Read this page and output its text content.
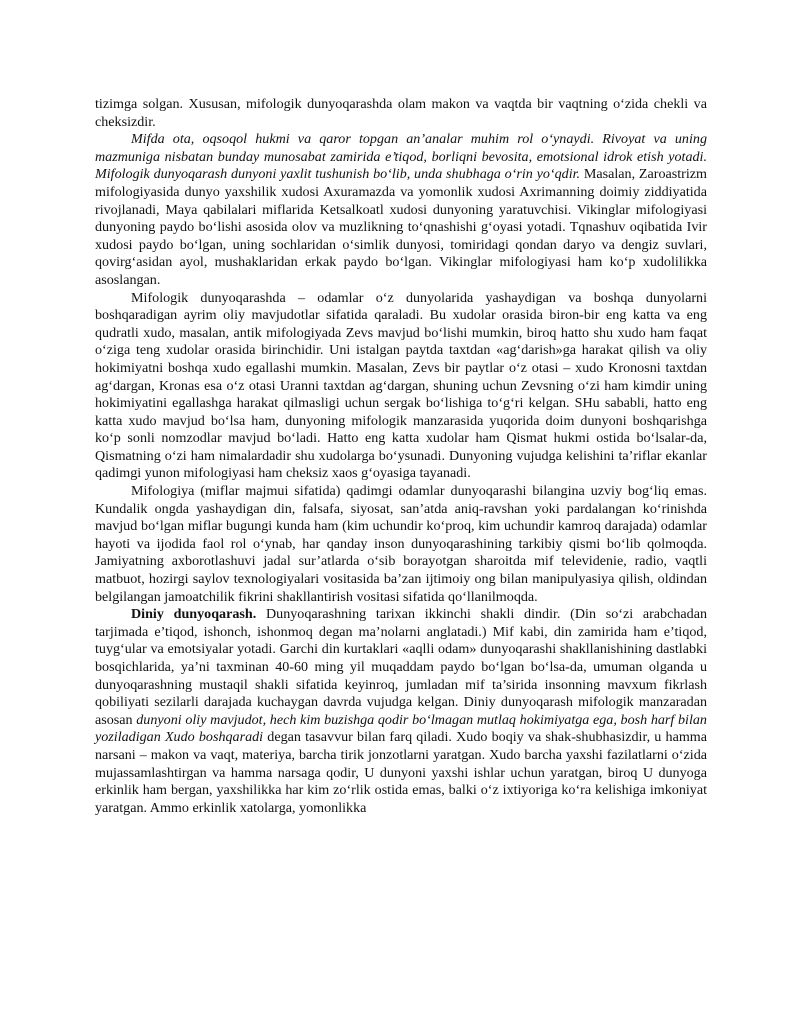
tizimga solgan. Xususan, mifologik dunyoqarashda olam makon va vaqtda bir vaqtning o‘zida chekli va cheksizdir.

Mifda ota, oqsoqol hukmi va qaror topgan an’analar muhim rol o‘ynaydi. Rivoyat va uning mazmuniga nisbatan bunday munosabat zamirida e’tiqod, borliqni bevosita, emotsional idrok etish yotadi. Mifologik dunyoqarash dunyoni yaxlit tushunish bo‘lib, unda shubhaga o‘rin yo‘qdir. Masalan, Zaroastrizm mifologiyasida dunyo yaxshilik xudosi Axuramazda va yomonlik xudosi Axrimanning doimiy ziddiyatida rivojlanadi, Maya qabilalari miflarida Ketsalkoatl xudosi dunyoning yaratuvchisi. Vikinglar mifologiyasi dunyoning paydo bo‘lishi asosida olov va muzlikning to‘qnashishi g‘oyasi yotadi. Tqnashuv oqibatida Ivir xudosi paydo bo‘lgan, uning sochlaridan o‘simlik dunyosi, tomiridagi qondan daryo va dengiz suvlari, qovirg‘asidan ayol, mushaklaridan erkak paydo bo‘lgan. Vikinglar mifologiyasi ham ko‘p xudolilikka asoslangan.

Mifologik dunyoqarashda – odamlar o‘z dunyolarida yashaydigan va boshqa dunyolarni boshqaradigan ayrim oliy mavjudotlar sifatida qaraladi. Bu xudolar orasida biron-bir eng katta va eng qudratli xudo, masalan, antik mifologiyada Zevs mavjud bo‘lishi mumkin, biroq hatto shu xudo ham faqat o‘ziga teng xudolar orasida birinchidir. Uni istalgan paytda taxtdan «ag‘darish»ga harakat qilish va oliy hokimiyatni boshqa xudo egallashi mumkin. Masalan, Zevs bir paytlar o‘z otasi – xudo Kronosni taxtdan ag‘dargan, Kronas esa o‘z otasi Uranni taxtdan ag‘dargan, shuning uchun Zevsning o‘zi ham kimdir uning hokimiyatini egallashga harakat qilmasligi uchun sergak bo‘lishiga to‘g‘ri kelgan. SHu sababli, hatto eng katta xudo mavjud bo‘lsa ham, dunyoning mifologik manzarasida yuqorida doim dunyoni boshqarishga ko‘p sonli nomzodlar mavjud bo‘ladi. Hatto eng katta xudolar ham Qismat hukmi ostida bo‘lsalar-da, Qismatning o‘zi ham nimalardadir shu xudolarga bo‘ysunadi. Dunyoning vujudga kelishini ta’riflar ekanlar qadimgi yunon mifologiyasi ham cheksiz xaos g‘oyasiga tayanadi.

Mifologiya (miflar majmui sifatida) qadimgi odamlar dunyoqarashi bilangina uzviy bog‘liq emas. Kundalik ongda yashaydigan din, falsafa, siyosat, san’atda aniq-ravshan yoki pardalangan ko‘rinishda mavjud bo‘lgan miflar bugungi kunda ham (kim uchundir ko‘proq, kim uchundir kamroq darajada) odamlar hayoti va ijodida faol rol o‘ynab, har qanday inson dunyoqarashining tarkibiy qismi bo‘lib qolmoqda. Jamiyatning axborotlashuvi jadal sur’atlarda o‘sib borayotgan sharoitda mif televidenie, radio, vaqtli matbuot, hozirgi saylov texnologiyalari vositasida ba’zan ijtimoiy ong bilan manipulyasiya qilish, oldindan belgilangan jamoatchilik fikrini shakllantirish vositasi sifatida qo‘llanilmoqda.

Diniy dunyoqarash. Dunyoqarashning tarixan ikkinchi shakli dindir. (Din so‘zi arabchadan tarjimada e’tiqod, ishonch, ishonmoq degan ma’nolarni anglatadi.) Mif kabi, din zamirida ham e’tiqod, tuyg‘ular va emotsiyalar yotadi. Garchi din kurtaklari «aqlli odam» dunyoqarashi shakllanishining dastlabki bosqichlarida, ya’ni taxminan 40-60 ming yil muqaddam paydo bo‘lgan bo‘lsa-da, umuman olganda u dunyoqarashning mustaqil shakli sifatida keyinroq, jumladan mif ta’sirida insonning mavxum fikrlash qobiliyati sezilarli darajada kuchaygan davrda vujudga kelgan. Diniy dunyoqarash mifologik manzaradan asosan dunyoni oliy mavjudot, hech kim buzishga qodir bo‘lmagan mutlaq hokimiyatga ega, bosh harf bilan yoziladigan Xudo boshqaradi degan tasavvur bilan farq qiladi. Xudo boqiy va shak-shubhasizdir, u hamma narsani – makon va vaqt, materiya, barcha tirik jonzotlarni yaratgan. Xudo barcha yaxshi fazilatlarni o‘zida mujassamlashtirgan va hamma narsaga qodir, U dunyoni yaxshi ishlar uchun yaratgan, biroq U dunyoga erkinlik ham bergan, yaxshilikka har kim zo‘rlik ostida emas, balki o‘z ixtiyoriga ko‘ra kelishiga imkoniyat yaratgan. Ammo erkinlik xatolarga, yomonlikka
